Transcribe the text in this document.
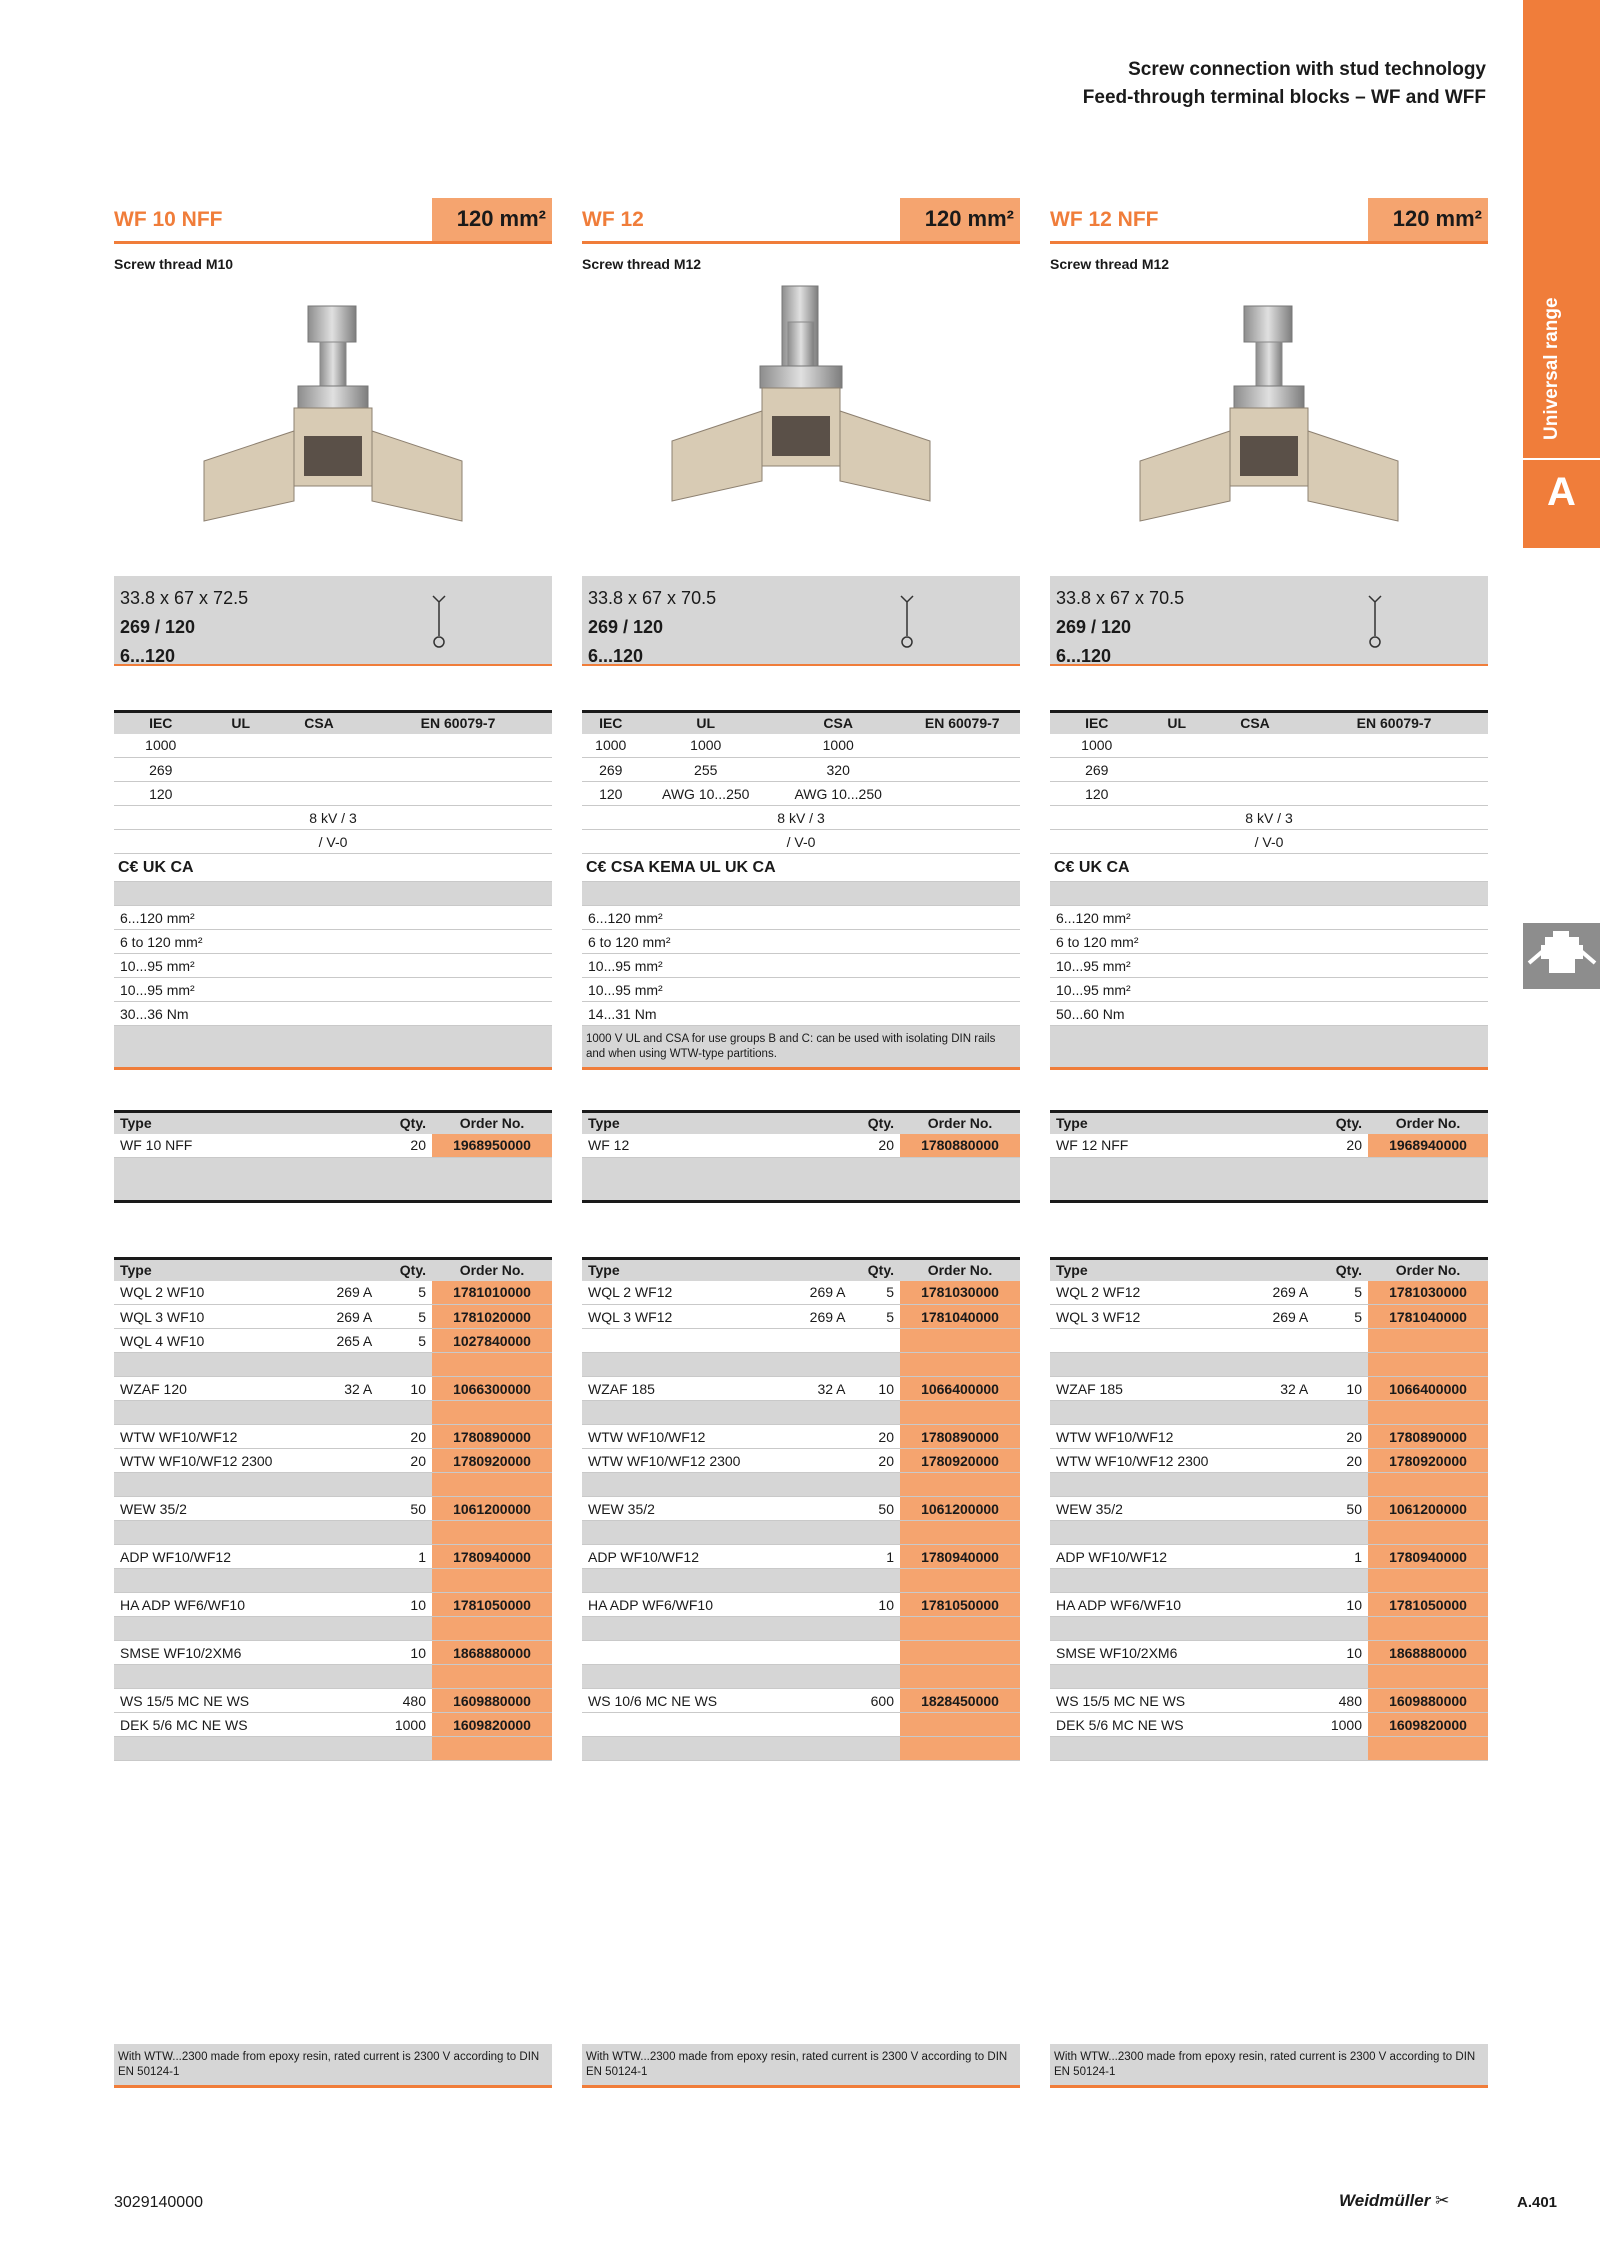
Screw connection with stud technology
Feed-through terminal blocks – WF and WFF
Universal range
A
WF 10 NFF	120 mm²
Screw thread M10
33.8 x 67 x 72.5
269 / 120
6...120
IEC	UL	CSA	EN 60079-7
1000			
269			
120			
8 kV / 3			
/ V-0			
C€ UK CA
6...120 mm²
6 to 120 mm²
10...95 mm²
10...95 mm²
30...36 Nm
Type	Qty.	Order No.
WF 10 NFF	20	1968950000

Type		Qty.	Order No.
WQL 2 WF10	269 A	5	1781010000
WQL 3 WF10	269 A	5	1781020000
WQL 4 WF10	265 A	5	1027840000

WZAF 120	32 A	10	1066300000

WTW WF10/WF12		20	1780890000
WTW WF10/WF12 2300		20	1780920000

WEW 35/2		50	1061200000

ADP WF10/WF12		1	1780940000

HA ADP WF6/WF10		10	1781050000

SMSE WF10/2XM6		10	1868880000

WS 15/5 MC NE WS		480	1609880000
DEK 5/6 MC NE WS		1000	1609820000

With WTW...2300 made from epoxy resin, rated current is 2300 V according to DIN EN 50124-1
WF 12	120 mm²
Screw thread M12
33.8 x 67 x 70.5
269 / 120
6...120
IEC	UL	CSA	EN 60079-7
1000	1000	1000	
269	255	320	
120	AWG 10...250	AWG 10...250	
8 kV / 3			
/ V-0			
C€ CSA KEMA UL UK CA
6...120 mm²
6 to 120 mm²
10...95 mm²
10...95 mm²
14...31 Nm
1000 V UL and CSA for use groups B and C: can be used with isolating DIN rails and when using WTW-type partitions.
Type	Qty.	Order No.
WF 12	20	1780880000

Type		Qty.	Order No.
WQL 2 WF12	269 A	5	1781030000
WQL 3 WF12	269 A	5	1781040000

WZAF 185	32 A	10	1066400000

WTW WF10/WF12		20	1780890000
WTW WF10/WF12 2300		20	1780920000

WEW 35/2		50	1061200000

ADP WF10/WF12		1	1780940000

HA ADP WF6/WF10		10	1781050000

WS 10/6 MC NE WS		600	1828450000

With WTW...2300 made from epoxy resin, rated current is 2300 V according to DIN EN 50124-1
WF 12 NFF	120 mm²
Screw thread M12
33.8 x 67 x 70.5
269 / 120
6...120
IEC	UL	CSA	EN 60079-7
1000			
269			
120			
8 kV / 3			
/ V-0			
C€ UK CA
6...120 mm²
6 to 120 mm²
10...95 mm²
10...95 mm²
50...60 Nm
Type	Qty.	Order No.
WF 12 NFF	20	1968940000

Type		Qty.	Order No.
WQL 2 WF12	269 A	5	1781030000
WQL 3 WF12	269 A	5	1781040000

WZAF 185	32 A	10	1066400000

WTW WF10/WF12		20	1780890000
WTW WF10/WF12 2300		20	1780920000

WEW 35/2		50	1061200000

ADP WF10/WF12		1	1780940000

HA ADP WF6/WF10		10	1781050000

SMSE WF10/2XM6		10	1868880000

WS 15/5 MC NE WS		480	1609880000
DEK 5/6 MC NE WS		1000	1609820000

With WTW...2300 made from epoxy resin, rated current is 2300 V according to DIN EN 50124-1
3029140000	Weidmüller ✂	A.401
